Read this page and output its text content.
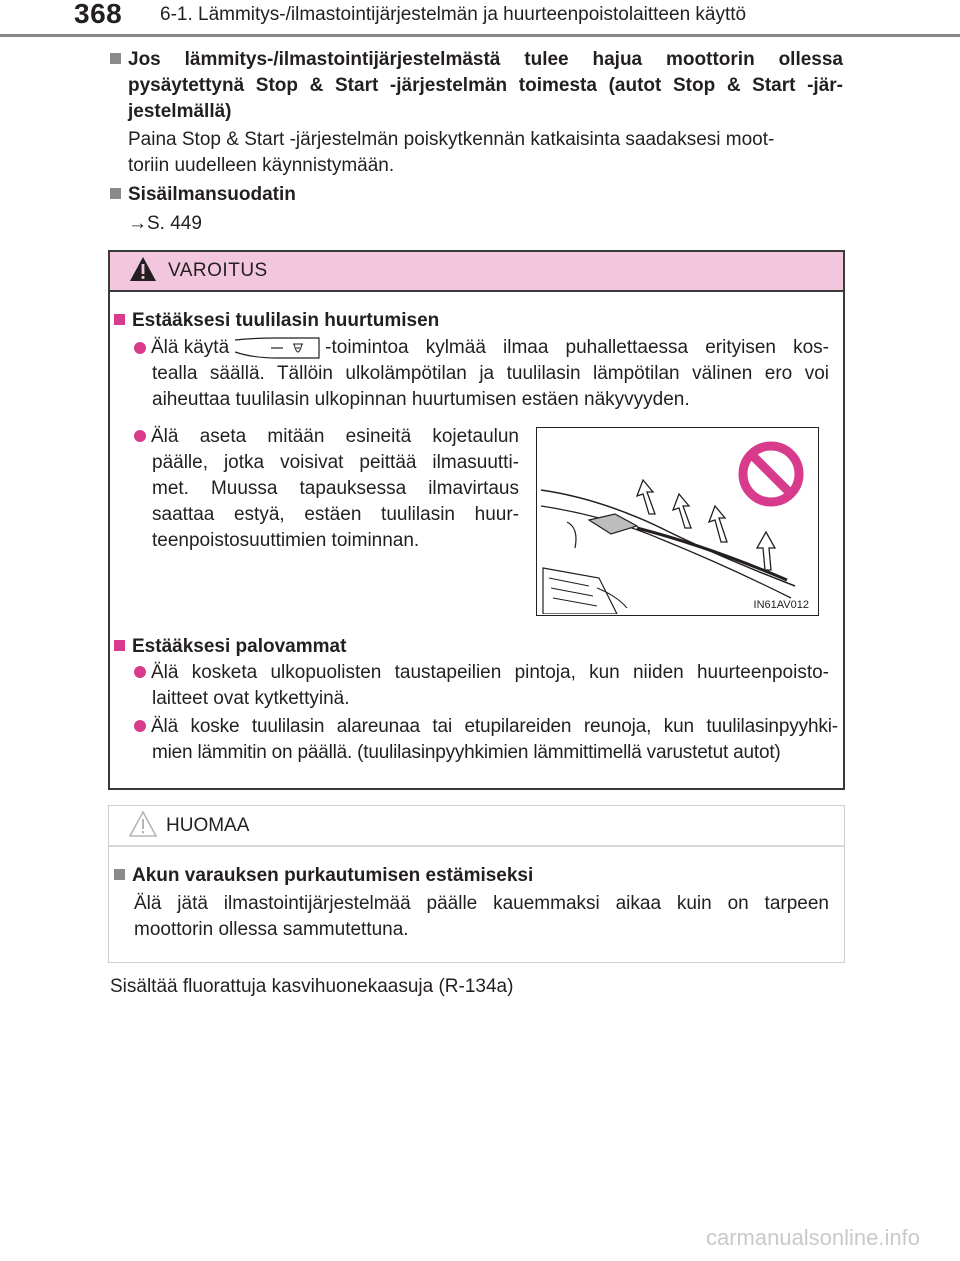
368 6-1. Lämmitys-/ilmastointijärjestelmän ja huurteenpoistolaitteen käyttö
Jos lämmitys-/ilmastointijärjestelmästä tulee hajua moottorin ollessa
pysäytettynä Stop & Start -järjestelmän toimesta (autot Stop & Start -jär-
jestelmällä)
Paina Stop & Start -järjestelmän poiskytkennän katkaisinta saadaksesi moot-
toriin uudelleen käynnistymään.
Sisäilmansuodatin
→S. 449
VAROITUS
Estääksesi tuulilasin huurtumisen
Älä käytä	-toimintoa kylmää ilmaa puhallettaessa erityisen kos-
tealla säällä. Tällöin ulkolämpötilan ja tuulilasin lämpötilan välinen ero voi
aiheuttaa tuulilasin ulkopinnan huurtumisen estäen näkyvyyden.
Älä aseta mitään esineitä kojetaulun
päälle, jotka voisivat peittää ilmasuutti-
met. Muussa tapauksessa ilmavirtaus
saattaa estyä, estäen tuulilasin huur-
teenpoistosuuttimien toiminnan.
IN61AV012
Estääksesi palovammat
Älä kosketa ulkopuolisten taustapeilien pintoja, kun niiden huurteenpoisto-
laitteet ovat kytkettyinä.
Älä koske tuulilasin alareunaa tai etupilareiden reunoja, kun tuulilasinpyyhki-
mien lämmitin on päällä. (tuulilasinpyyhkimien lämmittimellä varustetut autot)
HUOMAA
Akun varauksen purkautumisen estämiseksi
Älä jätä ilmastointijärjestelmää päälle kauemmaksi aikaa kuin on tarpeen
moottorin ollessa sammutettuna.
Sisältää fluorattuja kasvihuonekaasuja (R-134a)
carmanualsonline.info
